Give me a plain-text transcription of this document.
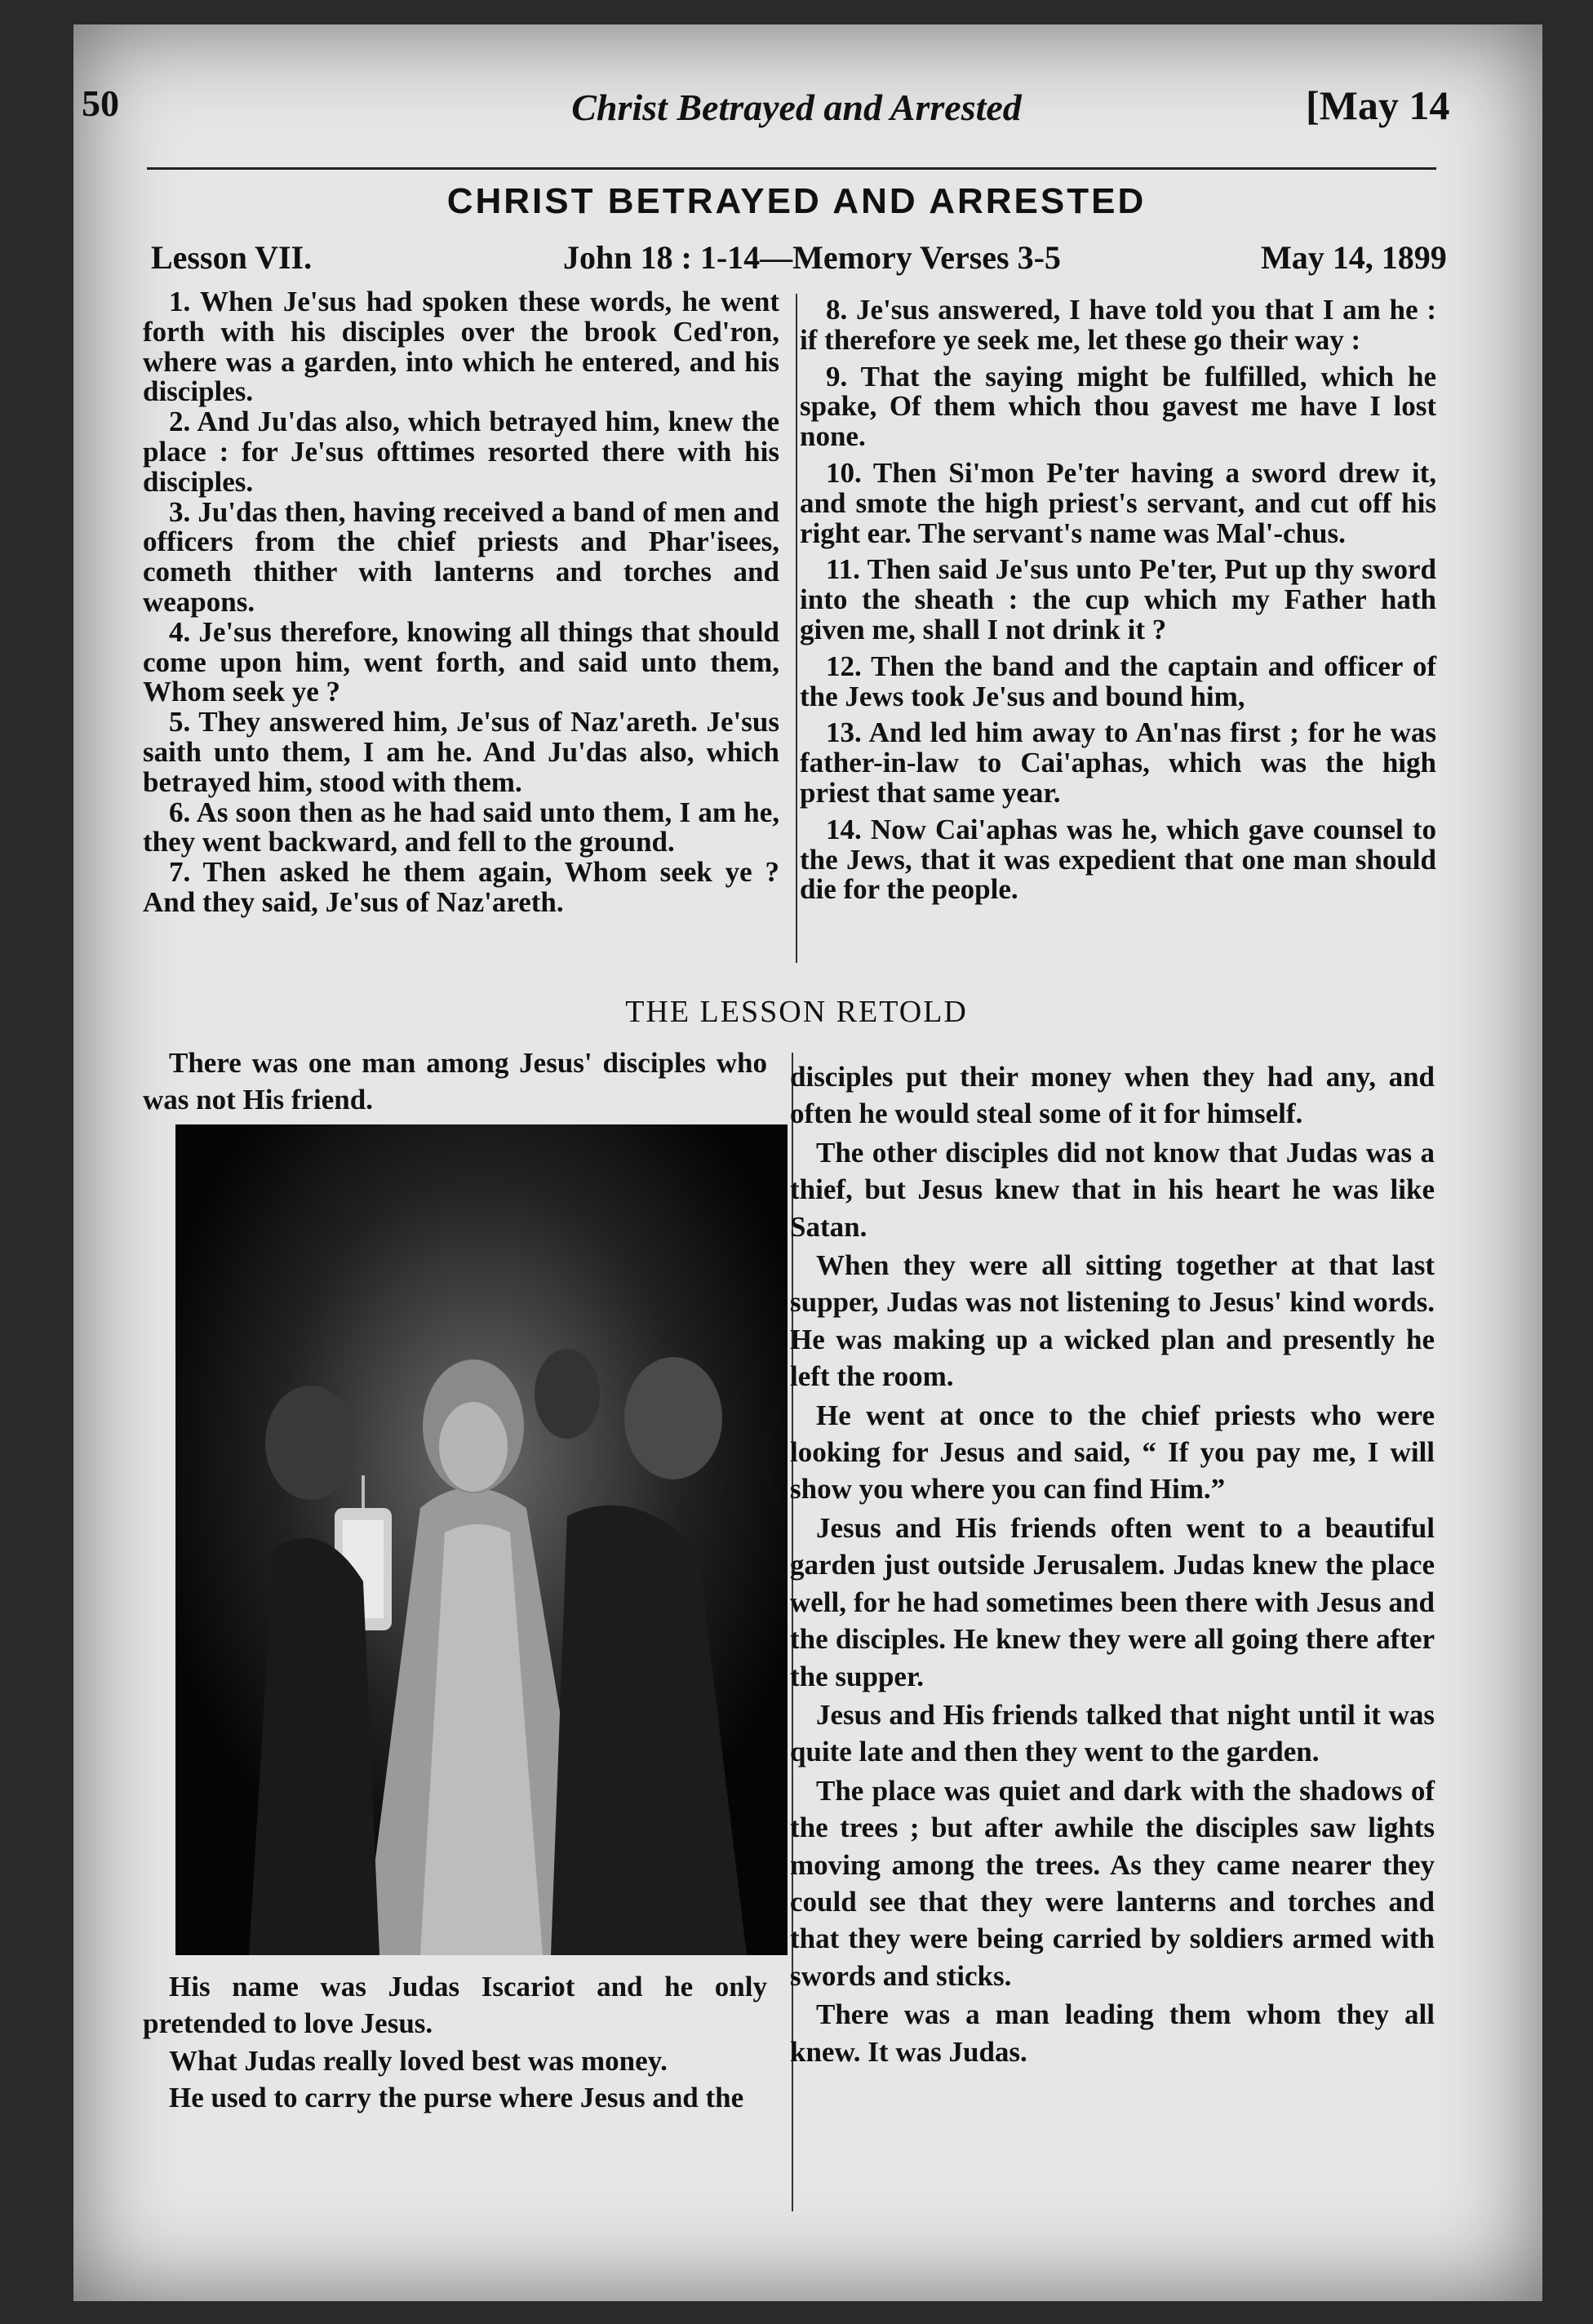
50	Christ Betrayed and Arrested	[May 14
CHRIST BETRAYED AND ARRESTED
Lesson VII.	John 18 : 1-14—Memory Verses 3-5	May 14, 1899

1. When Je'sus had spoken these words, he went forth with his disciples over the brook Ced'ron, where was a garden, into which he entered, and his disciples.

2. And Ju'das also, which betrayed him, knew the place : for Je'sus ofttimes resorted there with his disciples.

3. Ju'das then, having received a band of men and officers from the chief priests and Phar'isees, cometh thither with lanterns and torches and weapons.

4. Je'sus therefore, knowing all things that should come upon him, went forth, and said unto them, Whom seek ye ?

5. They answered him, Je'sus of Naz'areth. Je'sus saith unto them, I am he. And Ju'das also, which betrayed him, stood with them.

6. As soon then as he had said unto them, I am he, they went backward, and fell to the ground.

7. Then asked he them again, Whom seek ye ? And they said, Je'sus of Naz'areth.

8. Je'sus answered, I have told you that I am he : if therefore ye seek me, let these go their way :

9. That the saying might be fulfilled, which he spake, Of them which thou gavest me have I lost none.

10. Then Si'mon Pe'ter having a sword drew it, and smote the high priest's servant, and cut off his right ear. The servant's name was Mal'-chus.

11. Then said Je'sus unto Pe'ter, Put up thy sword into the sheath : the cup which my Father hath given me, shall I not drink it ?

12. Then the band and the captain and officer of the Jews took Je'sus and bound him,

13. And led him away to An'nas first ; for he was father-in-law to Cai'aphas, which was the high priest that same year.

14. Now Cai'aphas was he, which gave counsel to the Jews, that it was expedient that one man should die for the people.

THE LESSON RETOLD

There was one man among Jesus' disciples who was not His friend.

His name was Judas Iscariot and he only pretended to love Jesus.

What Judas really loved best was money.

He used to carry the purse where Jesus and the

disciples put their money when they had any, and often he would steal some of it for himself.

The other disciples did not know that Judas was a thief, but Jesus knew that in his heart he was like Satan.

When they were all sitting together at that last supper, Judas was not listening to Jesus' kind words. He was making up a wicked plan and presently he left the room.

He went at once to the chief priests who were looking for Jesus and said, “ If you pay me, I will show you where you can find Him.”

Jesus and His friends often went to a beautiful garden just outside Jerusalem. Judas knew the place well, for he had sometimes been there with Jesus and the disciples. He knew they were all going there after the supper.

Jesus and His friends talked that night until it was quite late and then they went to the garden.

The place was quiet and dark with the shadows of the trees ; but after awhile the disciples saw lights moving among the trees. As they came nearer they could see that they were lanterns and torches and that they were being carried by soldiers armed with swords and sticks.

There was a man leading them whom they all knew. It was Judas.
